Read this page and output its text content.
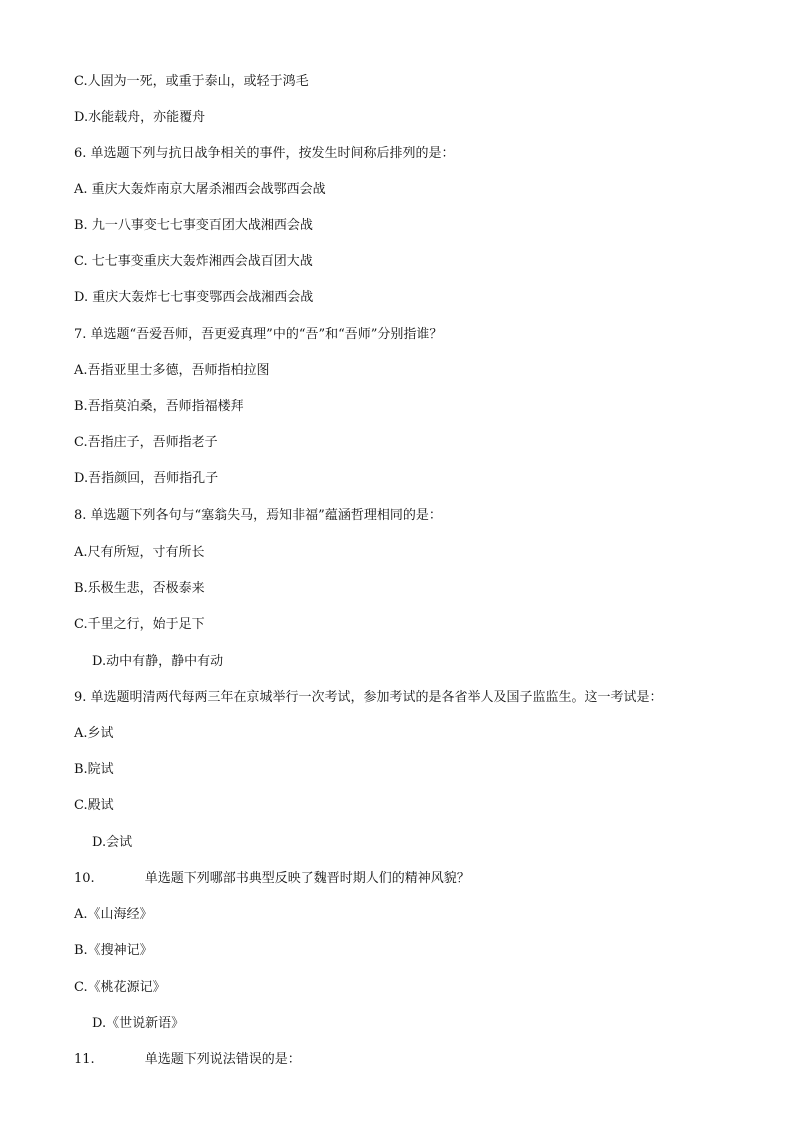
C.人固为一死，或重于泰山，或轻于鸿毛
D.水能载舟，亦能覆舟
6. 单选题下列与抗日战争相关的事件，按发生时间称后排列的是：
A. 重庆大轰炸南京大屠杀湘西会战鄂西会战
B. 九一八事变七七事变百团大战湘西会战
C. 七七事变重庆大轰炸湘西会战百团大战
D. 重庆大轰炸七七事变鄂西会战湘西会战
7. 单选题“吾爱吾师，吾更爱真理”中的“吾”和“吾师”分别指谁？
A.吾指亚里士多德，吾师指柏拉图
B.吾指莫泊桑，吾师指福楼拜
C.吾指庄子，吾师指老子
D.吾指颜回，吾师指孔子
8. 单选题下列各句与“塞翁失马，焉知非福”蕴涵哲理相同的是：
A.尺有所短，寸有所长
B.乐极生悲，否极泰来
C.千里之行，始于足下
D.动中有静，静中有动
9. 单选题明清两代每两三年在京城举行一次考试，参加考试的是各省举人及国子监监生。这一考试是：
A.乡试
B.院试
C.殿试
D.会试
10.	单选题下列哪部书典型反映了魏晋时期人们的精神风貌？
A.《山海经》
B.《搜神记》
C.《桃花源记》
D.《世说新语》
11.	单选题下列说法错误的是：
